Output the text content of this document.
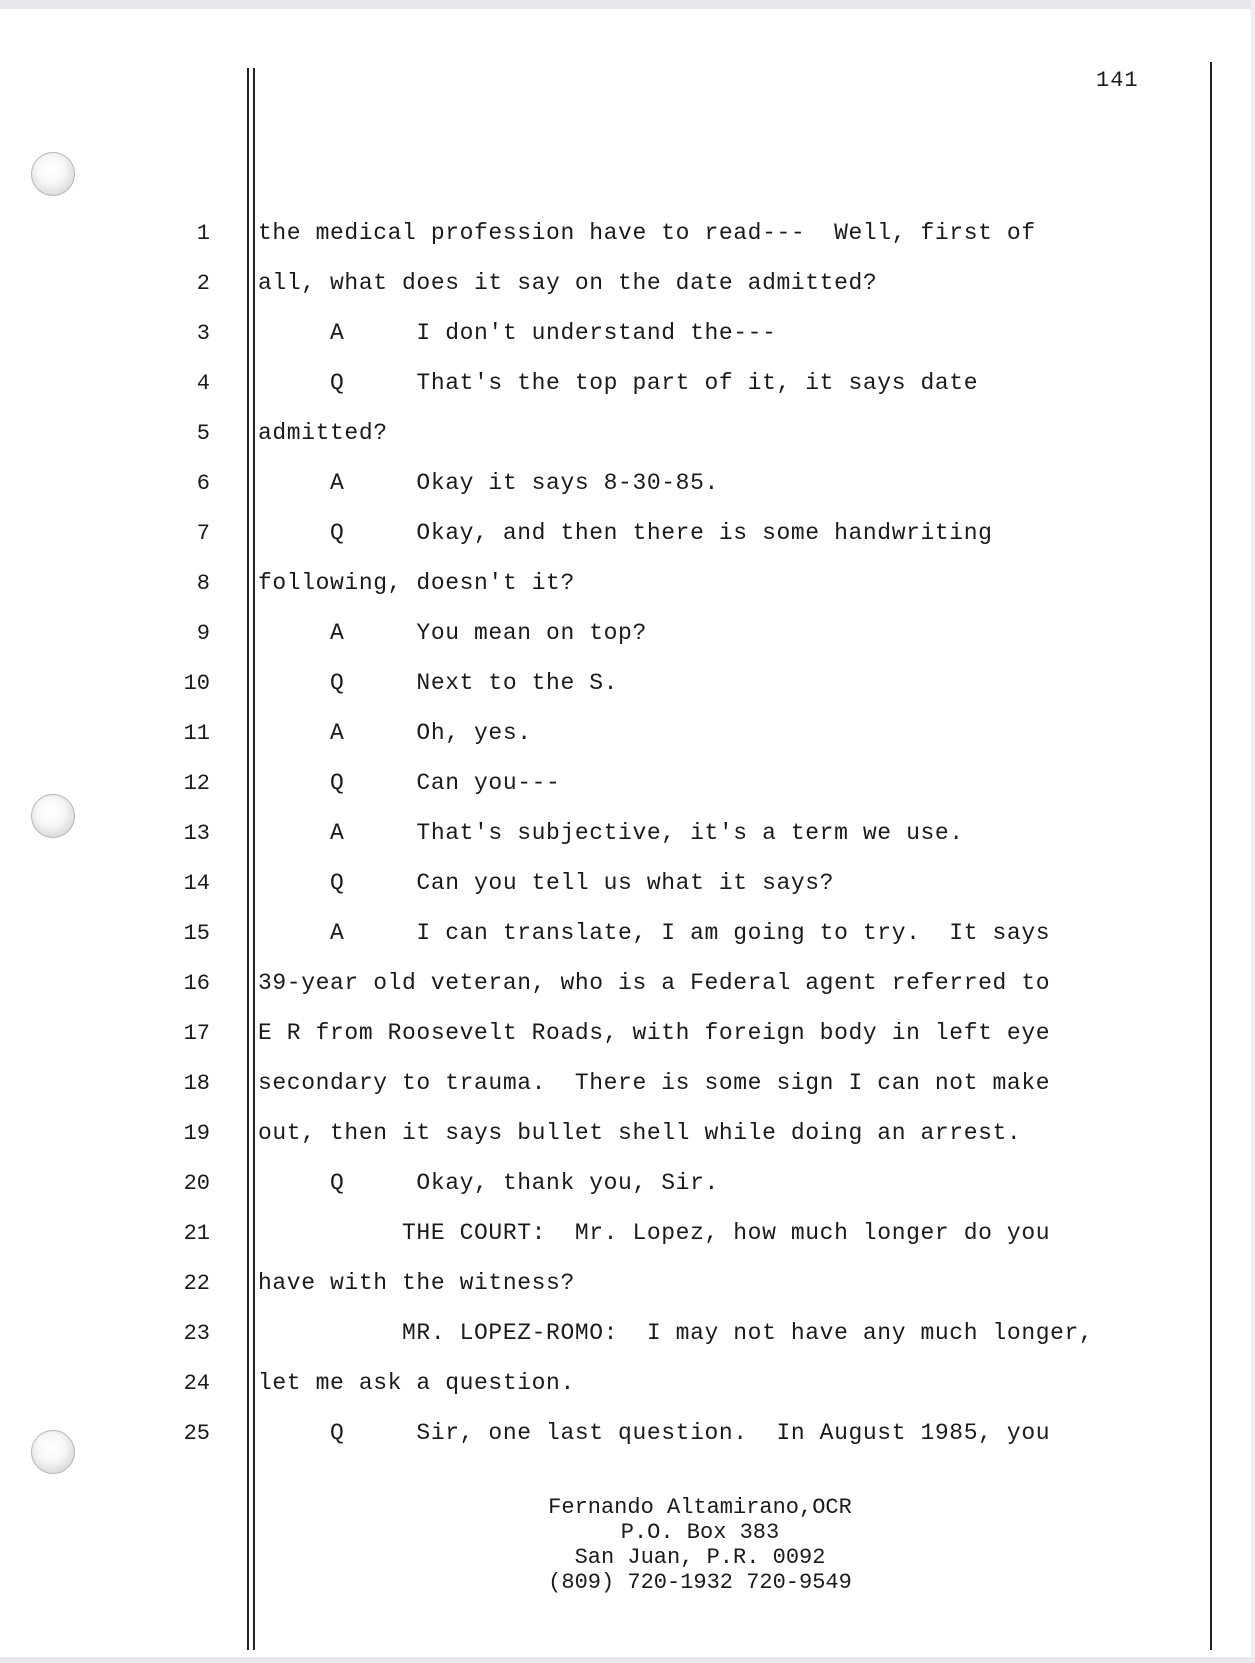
141
1 the medical profession have to read---  Well, first of
2 all, what does it say on the date admitted?
3 A     I don't understand the---
4 Q     That's the top part of it, it says date
5 admitted?
6 A     Okay it says 8-30-85.
7 Q     Okay, and then there is some handwriting
8 following, doesn't it?
9 A     You mean on top?
10 Q     Next to the S.
11 A     Oh, yes.
12 Q     Can you---
13 A     That's subjective, it's a term we use.
14 Q     Can you tell us what it says?
15 A     I can translate, I am going to try.  It says
16 39-year old veteran, who is a Federal agent referred to
17 E R from Roosevelt Roads, with foreign body in left eye
18 secondary to trauma.  There is some sign I can not make
19 out, then it says bullet shell while doing an arrest.
20 Q     Okay, thank you, Sir.
21 THE COURT:  Mr. Lopez, how much longer do you
22 have with the witness?
23 MR. LOPEZ-ROMO:  I may not have any much longer,
24 let me ask a question.
25 Q     Sir, one last question.  In August 1985, you
Fernando Altamirano,OCR
P.O. Box 383
San Juan, P.R. 0092
(809) 720-1932 720-9549
